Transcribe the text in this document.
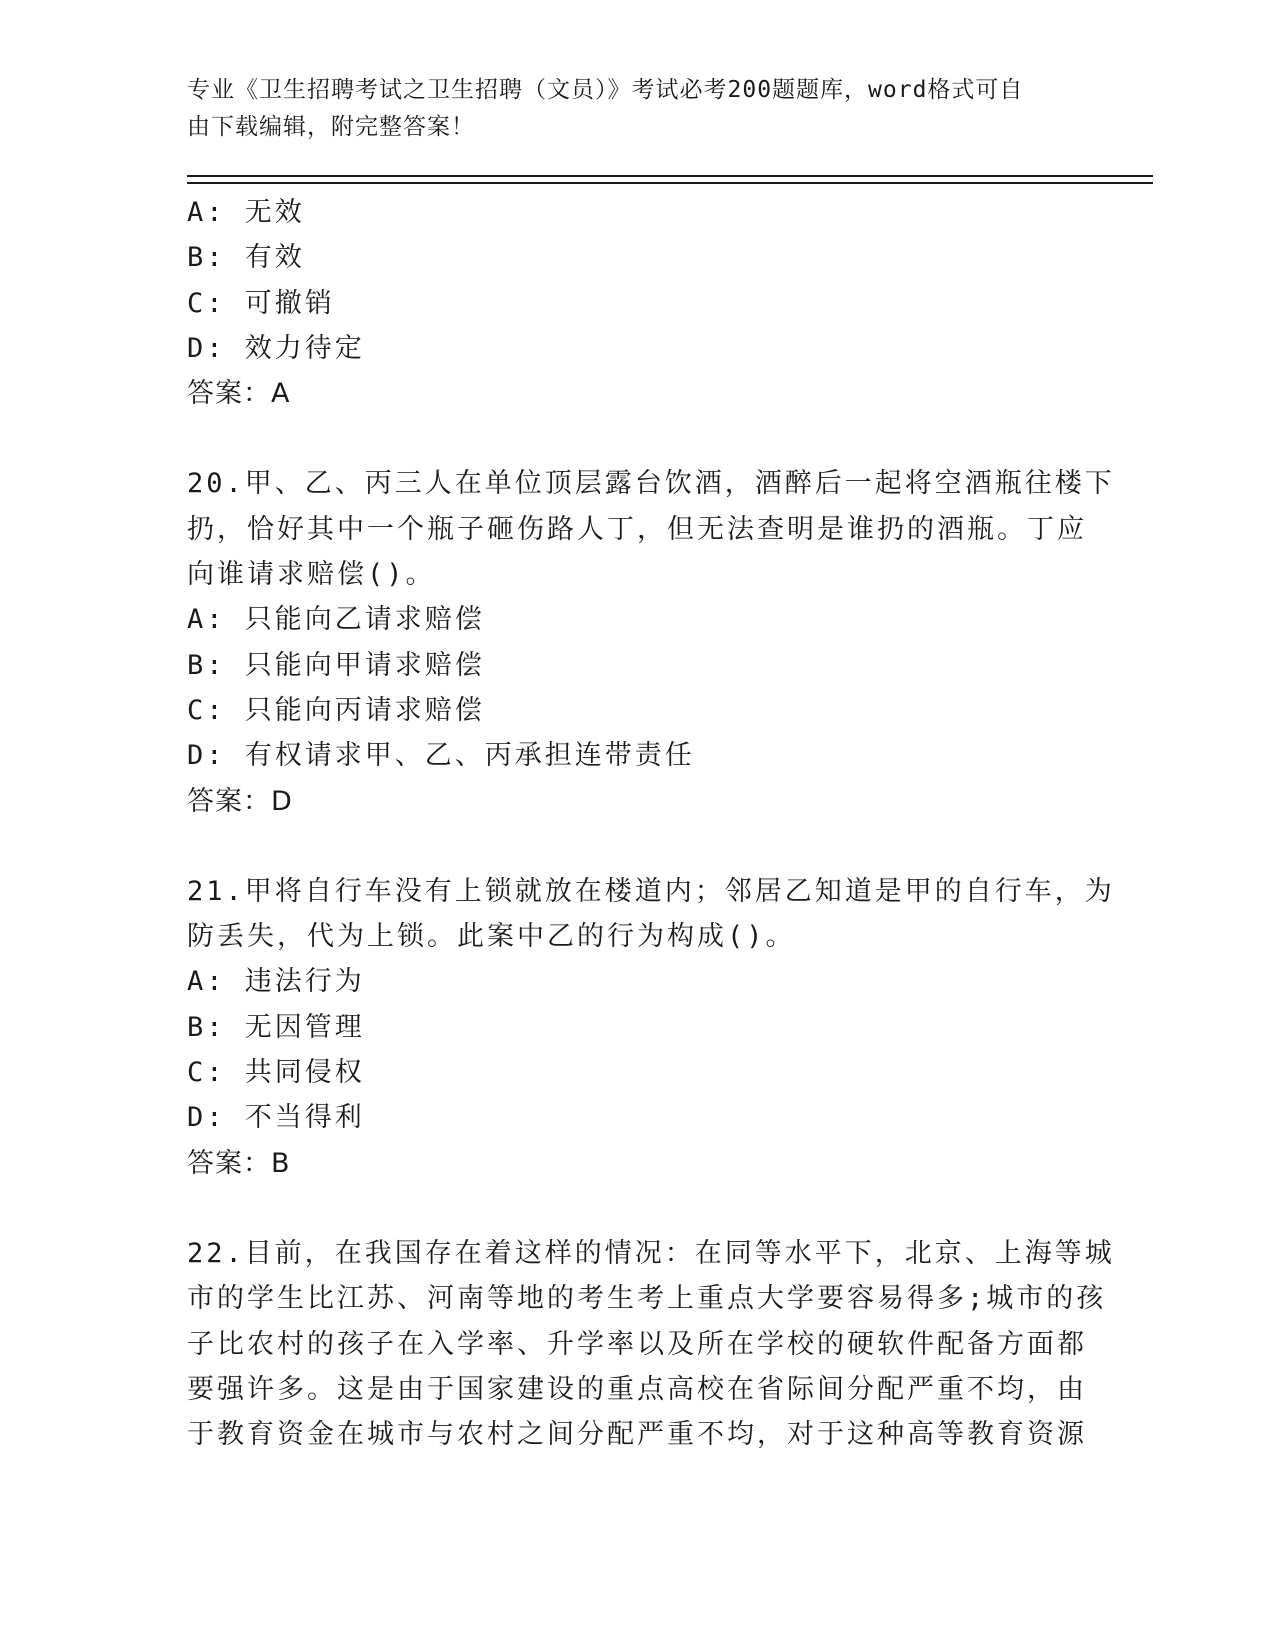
专业《卫生招聘考试之卫生招聘（文员）》考试必考200题题库，word格式可自
由下载编辑，附完整答案！
A: 无效
B: 有效
C: 可撤销
D: 效力待定
答案：A
20.甲、乙、丙三人在单位顶层露台饮酒，酒醉后一起将空酒瓶往楼下
扔，恰好其中一个瓶子砸伤路人丁，但无法查明是谁扔的酒瓶。丁应
向谁请求赔偿()。
A: 只能向乙请求赔偿
B: 只能向甲请求赔偿
C: 只能向丙请求赔偿
D: 有权请求甲、乙、丙承担连带责任
答案：D
21.甲将自行车没有上锁就放在楼道内；邻居乙知道是甲的自行车，为
防丢失，代为上锁。此案中乙的行为构成()。
A: 违法行为
B: 无因管理
C: 共同侵权
D: 不当得利
答案：B
22.目前，在我国存在着这样的情况：在同等水平下，北京、上海等城
市的学生比江苏、河南等地的考生考上重点大学要容易得多;城市的孩
子比农村的孩子在入学率、升学率以及所在学校的硬软件配备方面都
要强许多。这是由于国家建设的重点高校在省际间分配严重不均，由
于教育资金在城市与农村之间分配严重不均，对于这种高等教育资源
